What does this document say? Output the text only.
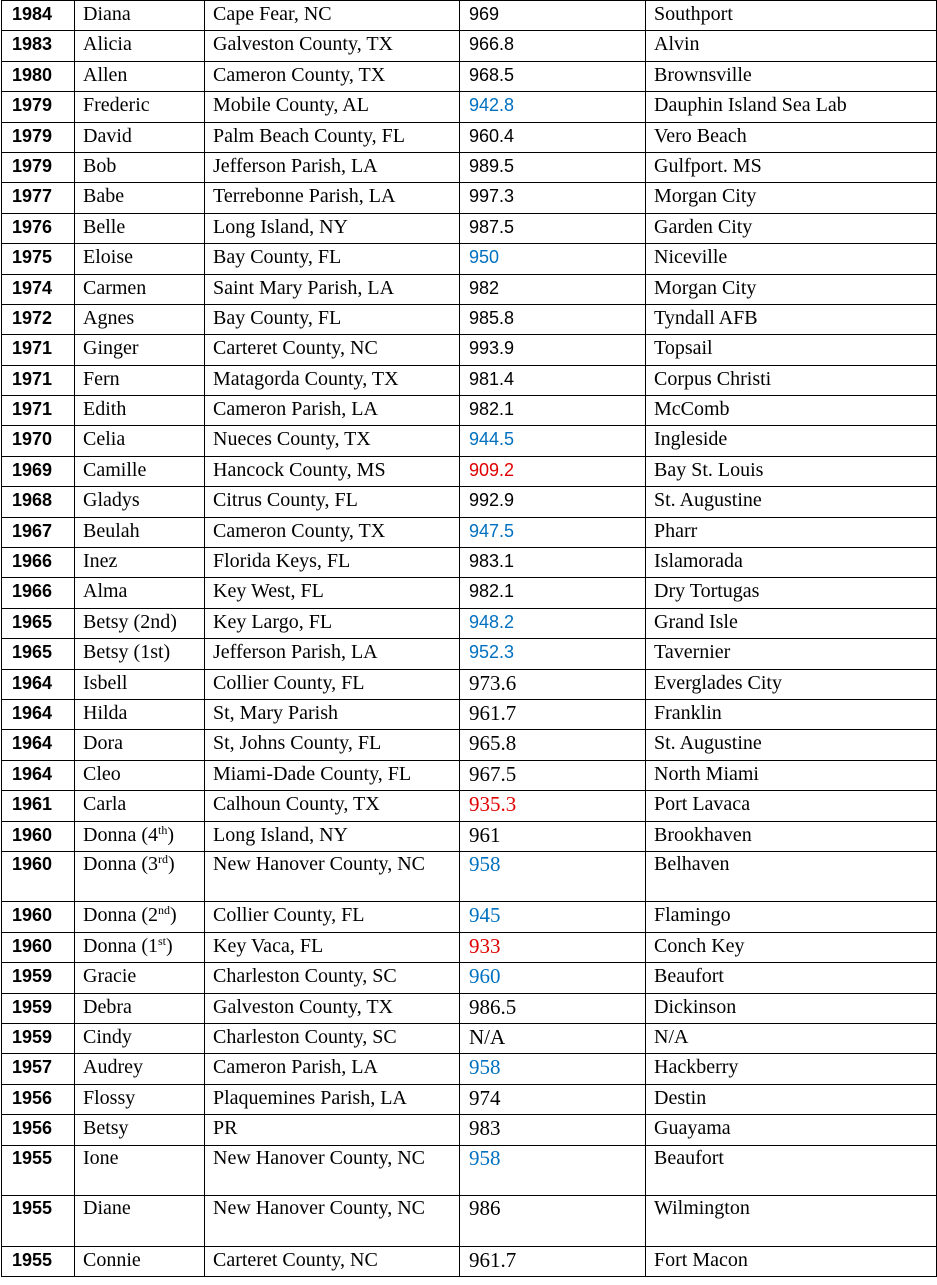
1984	Diana	Cape Fear, NC	969	Southport
1983	Alicia	Galveston County, TX	966.8	Alvin
1980	Allen	Cameron County, TX	968.5	Brownsville
1979	Frederic	Mobile County, AL	942.8	Dauphin Island Sea Lab
1979	David	Palm Beach County, FL	960.4	Vero Beach
1979	Bob	Jefferson Parish, LA	989.5	Gulfport. MS
1977	Babe	Terrebonne Parish, LA	997.3	Morgan City
1976	Belle	Long Island, NY	987.5	Garden City
1975	Eloise	Bay County, FL	950	Niceville
1974	Carmen	Saint Mary Parish, LA	982	Morgan City
1972	Agnes	Bay County, FL	985.8	Tyndall AFB
1971	Ginger	Carteret County, NC	993.9	Topsail
1971	Fern	Matagorda County, TX	981.4	Corpus Christi
1971	Edith	Cameron Parish, LA	982.1	McComb
1970	Celia	Nueces County, TX	944.5	Ingleside
1969	Camille	Hancock County, MS	909.2	Bay St. Louis
1968	Gladys	Citrus County, FL	992.9	St. Augustine
1967	Beulah	Cameron County, TX	947.5	Pharr
1966	Inez	Florida Keys, FL	983.1	Islamorada
1966	Alma	Key West, FL	982.1	Dry Tortugas
1965	Betsy (2nd)	Key Largo, FL	948.2	Grand Isle
1965	Betsy (1st)	Jefferson Parish, LA	952.3	Tavernier
1964	Isbell	Collier County, FL	973.6	Everglades City
1964	Hilda	St, Mary Parish	961.7	Franklin
1964	Dora	St, Johns County, FL	965.8	St. Augustine
1964	Cleo	Miami-Dade County, FL	967.5	North Miami
1961	Carla	Calhoun County, TX	935.3	Port Lavaca
1960	Donna (4th)	Long Island, NY	961	Brookhaven
1960	Donna (3rd)	New Hanover County, NC	958	Belhaven
1960	Donna (2nd)	Collier County, FL	945	Flamingo
1960	Donna (1st)	Key Vaca, FL	933	Conch Key
1959	Gracie	Charleston County, SC	960	Beaufort
1959	Debra	Galveston County, TX	986.5	Dickinson
1959	Cindy	Charleston County, SC	N/A	N/A
1957	Audrey	Cameron Parish, LA	958	Hackberry
1956	Flossy	Plaquemines Parish, LA	974	Destin
1956	Betsy	PR	983	Guayama
1955	Ione	New Hanover County, NC	958	Beaufort
1955	Diane	New Hanover County, NC	986	Wilmington
1955	Connie	Carteret County, NC	961.7	Fort Macon
